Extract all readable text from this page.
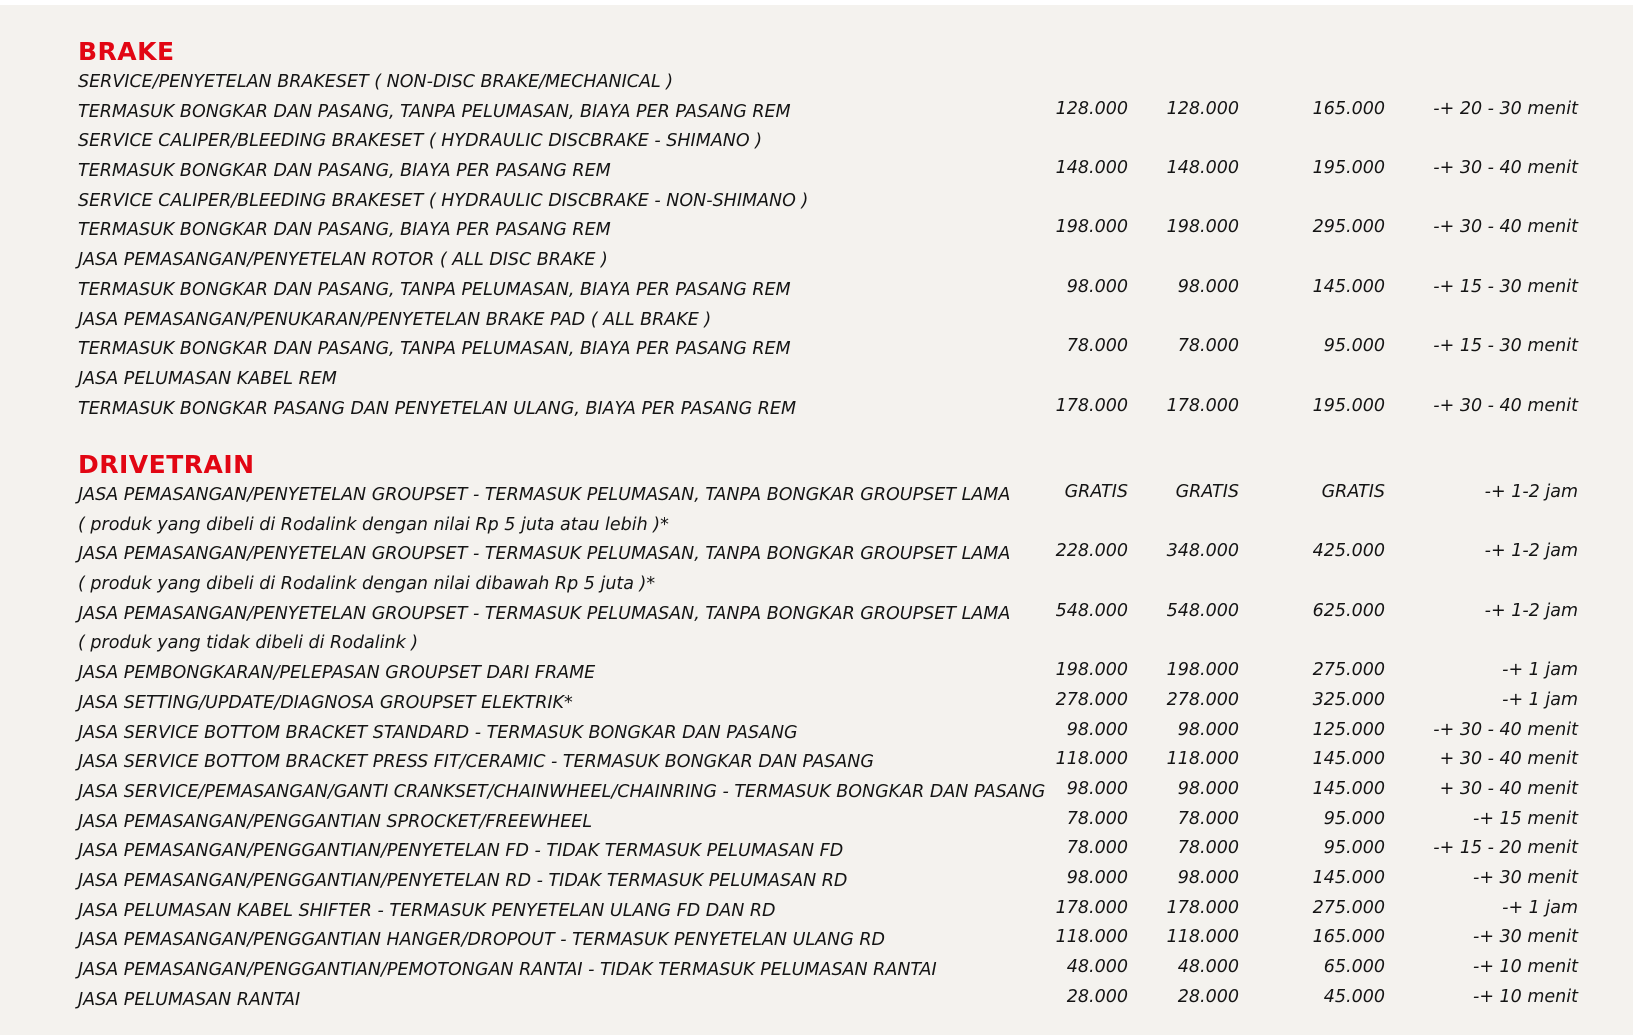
BRAKE
SERVICE/PENYETELAN BRAKESET ( NON-DISC BRAKE/MECHANICAL )
TERMASUK BONGKAR DAN PASANG, TANPA PELUMASAN, BIAYA PER PASANG REM	128.000	128.000	165.000	-+ 20 - 30 menit
SERVICE CALIPER/BLEEDING BRAKESET ( HYDRAULIC DISCBRAKE - SHIMANO )
TERMASUK BONGKAR DAN PASANG, BIAYA PER PASANG REM	148.000	148.000	195.000	-+ 30 - 40 menit
SERVICE CALIPER/BLEEDING BRAKESET ( HYDRAULIC DISCBRAKE - NON-SHIMANO )
TERMASUK BONGKAR DAN PASANG, BIAYA PER PASANG REM	198.000	198.000	295.000	-+ 30 - 40 menit
JASA PEMASANGAN/PENYETELAN ROTOR ( ALL DISC BRAKE )
TERMASUK BONGKAR DAN PASANG, TANPA PELUMASAN, BIAYA PER PASANG REM	98.000	98.000	145.000	-+ 15 - 30 menit
JASA PEMASANGAN/PENUKARAN/PENYETELAN BRAKE PAD ( ALL BRAKE )
TERMASUK BONGKAR DAN PASANG, TANPA PELUMASAN, BIAYA PER PASANG REM	78.000	78.000	95.000	-+ 15 - 30 menit
JASA PELUMASAN KABEL REM
TERMASUK BONGKAR PASANG DAN PENYETELAN ULANG, BIAYA PER PASANG REM	178.000	178.000	195.000	-+ 30 - 40 menit
DRIVETRAIN
JASA PEMASANGAN/PENYETELAN GROUPSET - TERMASUK PELUMASAN, TANPA BONGKAR GROUPSET LAMA
( produk yang dibeli di Rodalink dengan nilai Rp 5 juta atau lebih )*
GRATIS	GRATIS	GRATIS	-+ 1-2 jam
JASA PEMASANGAN/PENYETELAN GROUPSET - TERMASUK PELUMASAN, TANPA BONGKAR GROUPSET LAMA
( produk yang dibeli di Rodalink dengan nilai dibawah Rp 5 juta )*
228.000	348.000	425.000	-+ 1-2 jam
JASA PEMASANGAN/PENYETELAN GROUPSET - TERMASUK PELUMASAN, TANPA BONGKAR GROUPSET LAMA
( produk yang tidak dibeli di Rodalink )
548.000	548.000	625.000	-+ 1-2 jam
JASA PEMBONGKARAN/PELEPASAN GROUPSET DARI FRAME	198.000	198.000	275.000	-+ 1 jam
JASA SETTING/UPDATE/DIAGNOSA GROUPSET ELEKTRIK*	278.000	278.000	325.000	-+ 1 jam
JASA SERVICE BOTTOM BRACKET STANDARD - TERMASUK BONGKAR DAN PASANG	98.000	98.000	125.000	-+ 30 - 40 menit
JASA SERVICE BOTTOM BRACKET PRESS FIT/CERAMIC - TERMASUK BONGKAR DAN PASANG	118.000	118.000	145.000	+ 30 - 40 menit
JASA SERVICE/PEMASANGAN/GANTI CRANKSET/CHAINWHEEL/CHAINRING - TERMASUK BONGKAR DAN PASANG	98.000	98.000	145.000	+ 30 - 40 menit
JASA PEMASANGAN/PENGGANTIAN SPROCKET/FREEWHEEL	78.000	78.000	95.000	-+ 15 menit
JASA PEMASANGAN/PENGGANTIAN/PENYETELAN FD - TIDAK TERMASUK PELUMASAN FD	78.000	78.000	95.000	-+ 15 - 20 menit
JASA PEMASANGAN/PENGGANTIAN/PENYETELAN RD - TIDAK TERMASUK PELUMASAN RD	98.000	98.000	145.000	-+ 30 menit
JASA PELUMASAN KABEL SHIFTER - TERMASUK PENYETELAN ULANG FD DAN RD	178.000	178.000	275.000	-+ 1 jam
JASA PEMASANGAN/PENGGANTIAN HANGER/DROPOUT - TERMASUK PENYETELAN ULANG RD	118.000	118.000	165.000	-+ 30 menit
JASA PEMASANGAN/PENGGANTIAN/PEMOTONGAN RANTAI - TIDAK TERMASUK PELUMASAN RANTAI	48.000	48.000	65.000	-+ 10 menit
JASA PELUMASAN RANTAI	28.000	28.000	45.000	-+ 10 menit
